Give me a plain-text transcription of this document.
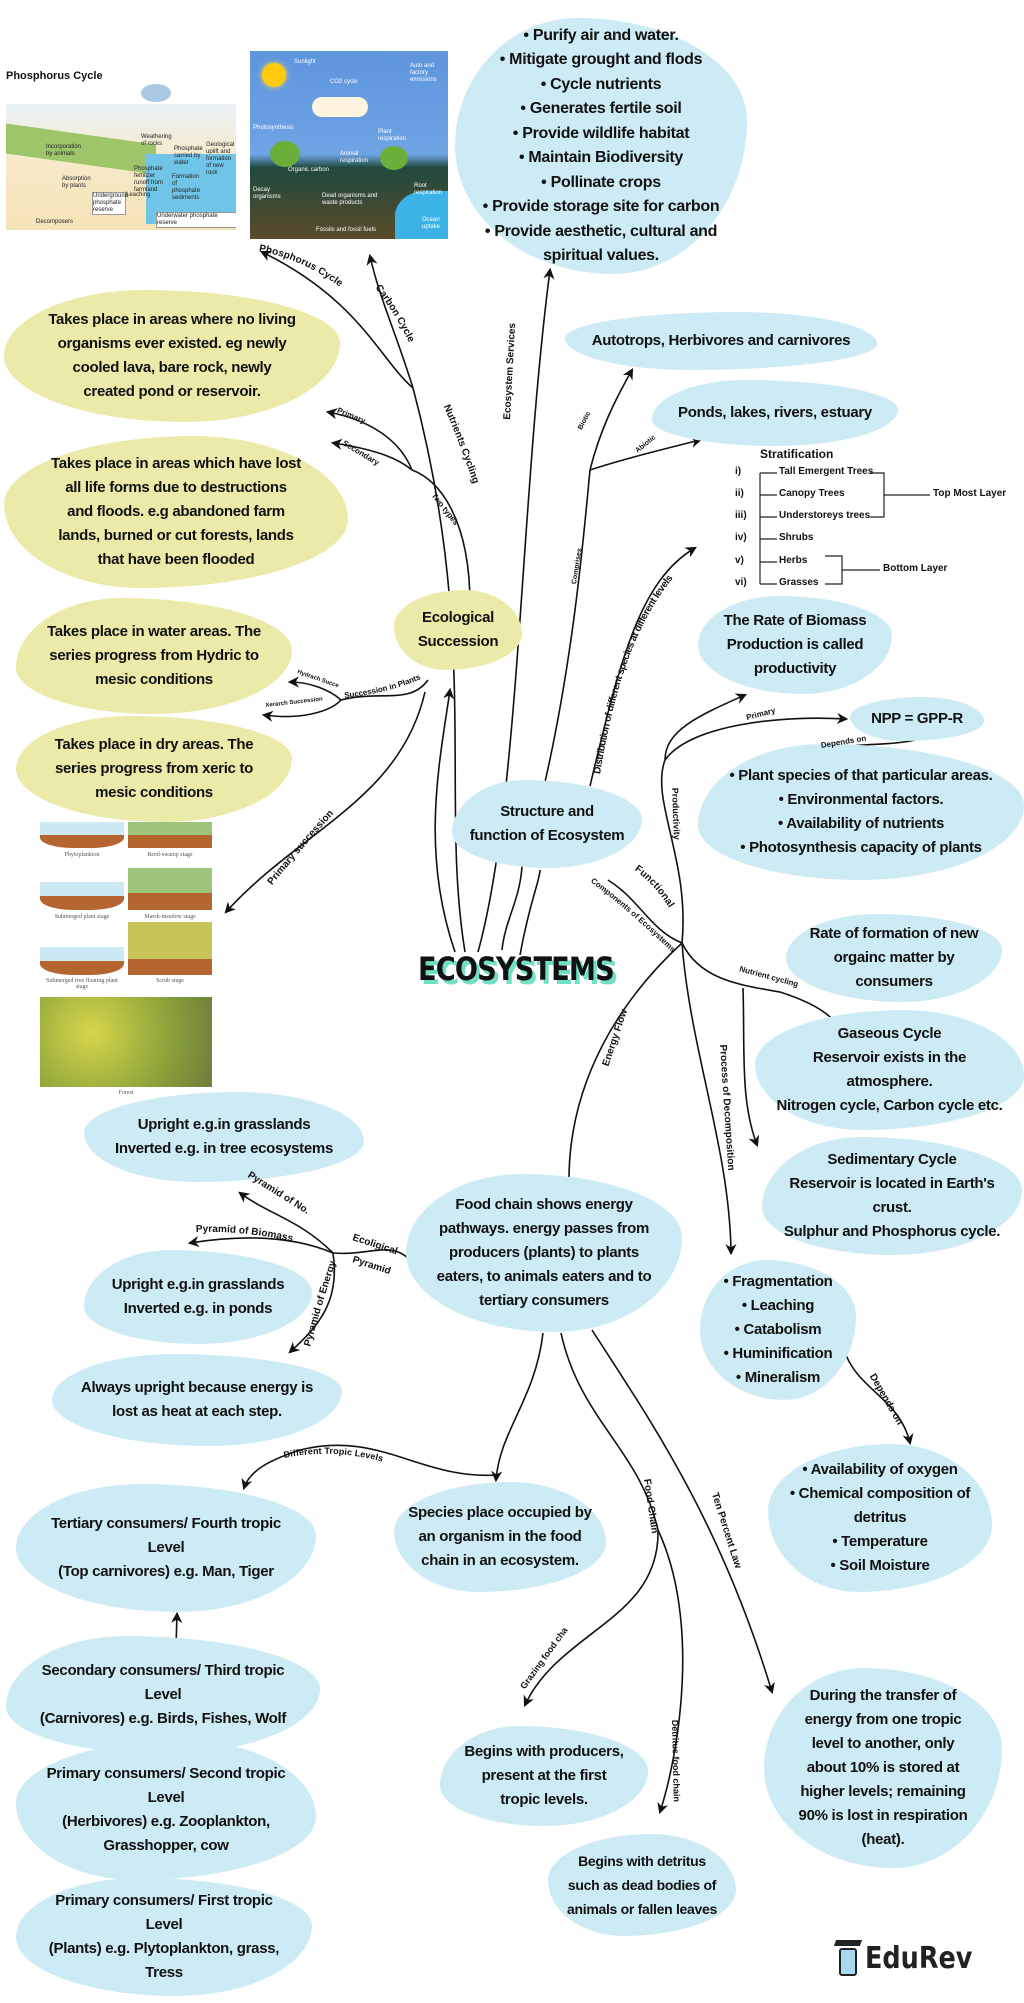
Phosphorus Cycle
Weathering of rocks
Incorporation by animals
Phosphate carried by water
Geological uplift and formation of new rock
Phosphate fertilizer runoff from farmland
Absorption by plants
Underground phosphate reserve
Leaching
Formation of phosphate sediments
Decomposers
Underwater phosphate reserve
Sunlight
CO2 cycle
Auto and factory emissions
Photosynthesis
Plant respiration
Animal respiration
Organic carbon
Decay organisms	Dead organisms and waste products
Root respiration
Fossils and fossil fuels
Ocean uptake
Phytoplankton	Reed-swamp stage
Submerged plant stage	Marsh-meadow stage
Submerged free floating plant stage
Scrub stage
Forest
Stratification
i)	Tall Emergent Trees
ii)	Canopy Trees
iii)	Understoreys trees
iv)	Shrubs
v)	Herbs
vi)	Grasses
Top Most Layer
Bottom Layer
• Purify air and water.
• Mitigate grought and flods
• Cycle nutrients
• Generates fertile soil
• Provide wildlife habitat
• Maintain Biodiversity
• Pollinate crops
• Provide storage site for carbon
• Provide aesthetic, cultural and
spiritual values.
Autotrops, Herbivores and carnivores
Ponds, lakes, rivers, estuary
Takes place in areas where no living
organisms ever existed. eg newly
cooled lava, bare rock, newly
created pond or reservoir.
Takes place in areas which have lost
all life forms due to destructions
and floods. e.g abandoned farm
lands, burned or cut forests, lands
that have been flooded
Takes place in water areas. The
series progress from Hydric to
mesic conditions
Takes place in dry areas. The
series progress from xeric to
mesic conditions
Ecological
Succession
Structure and
function of Ecosystem
The Rate of Biomass
Production is called
productivity
NPP = GPP-R
• Plant species of that particular areas.
• Environmental factors.
• Availability of nutrients
• Photosynthesis capacity of plants
Rate of formation of new
orgainc matter by
consumers
Gaseous Cycle
Reservoir exists in the
atmosphere.
Nitrogen cycle, Carbon cycle etc.
Sedimentary Cycle
Reservoir is located in Earth's
crust.
Sulphur and Phosphorus cycle.
• Fragmentation
• Leaching
• Catabolism
• Huminification
• Mineralism
• Availability of oxygen
• Chemical composition of
detritus
• Temperature
• Soil Moisture
Food chain shows energy
pathways. energy passes from
producers (plants) to plants
eaters, to animals eaters and to
tertiary consumers
Upright e.g.in grasslands
Inverted e.g. in tree ecosystems
Upright e.g.in grasslands
Inverted e.g. in ponds
Always upright because energy is
lost as heat at each step.
Species place occupied by
an organism in the food
chain in an ecosystem.
Tertiary consumers/ Fourth tropic
Level
(Top carnivores) e.g. Man, Tiger
Secondary consumers/ Third tropic
Level
(Carnivores) e.g. Birds, Fishes, Wolf
Primary consumers/ Second tropic
Level
(Herbivores) e.g. Zooplankton,
Grasshopper, cow
Primary consumers/ First tropic
Level
(Plants) e.g. Plytoplankton, grass,
Tress
Begins with producers,
present at the first
tropic levels.
Begins with detritus
such as dead bodies of
animals or fallen leaves
During the transfer of
energy from one tropic
level to another, only
about 10% is stored at
higher levels; remaining
90% is lost in respiration
(heat).
Phosphorus Cycle	Carbon Cycle
Nutrients Cycling
Ecosystem Services
Comprises
Biotic
Abiotic
Distribution of different species at different levels
Primary
Secondary
Two types
Succession in Plants
Hydrach Succe
Xerarch Succession
Primary succession
Productivity
Primary
Depends on
Functional
Components of Ecosystems
Nutrient cycling
Process of Decomposition
Energy Flow
Depends on
Ecoligical
Pyramid
Pyramid of No.
Pyramid of Biomass
Pyramid of Energy
Different Tropic Levels
Food Chain
Grazing food cha
Detritus food chain
Ten Percent Law
ECOSYSTEMS
EduRev
